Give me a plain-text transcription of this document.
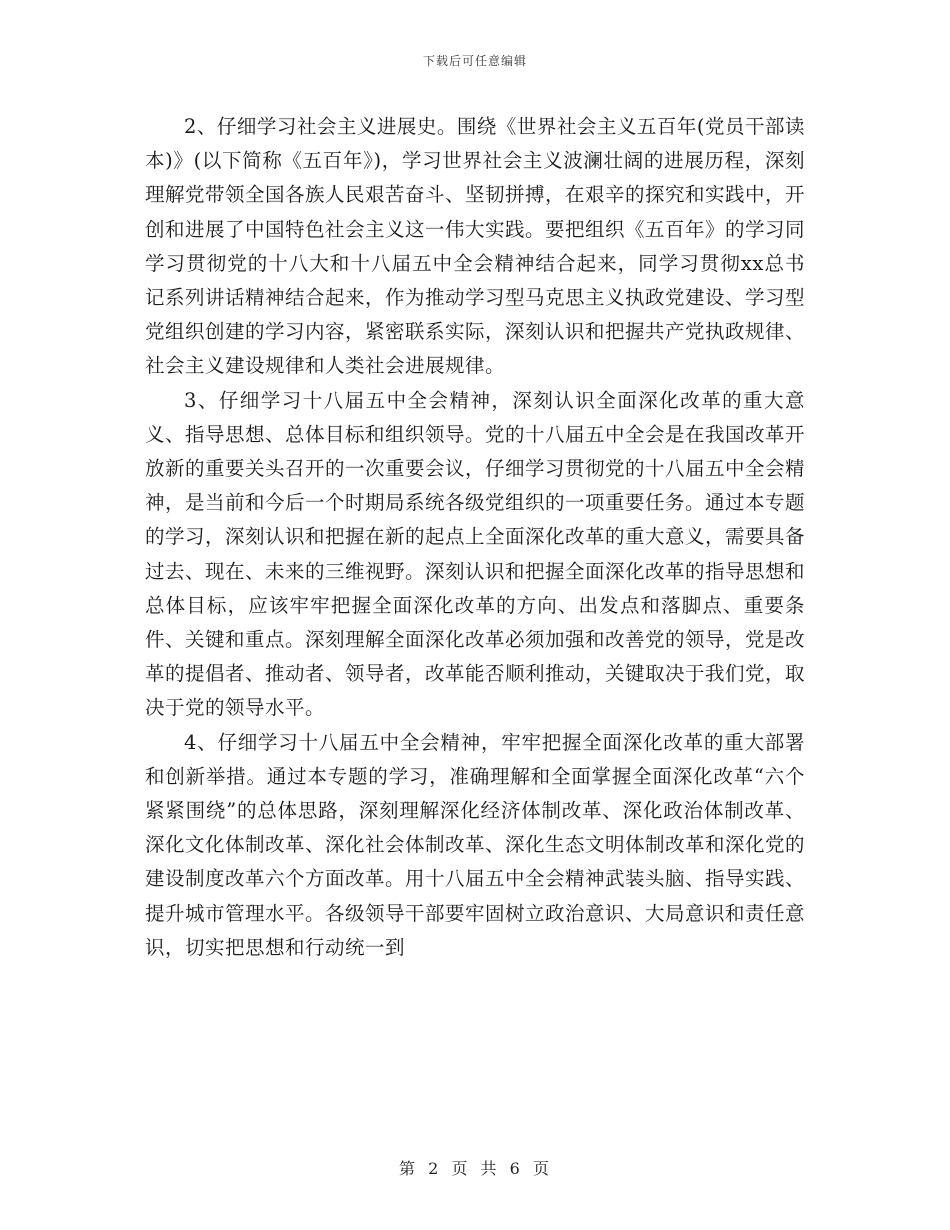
下载后可任意编辑

2、仔细学习社会主义进展史。围绕《世界社会主义五百年(党员干部读本)》(以下简称《五百年》)，学习世界社会主义波澜壮阔的进展历程，深刻理解党带领全国各族人民艰苦奋斗、坚韧拼搏，在艰辛的探究和实践中，开创和进展了中国特色社会主义这一伟大实践。要把组织《五百年》的学习同学习贯彻党的十八大和十八届五中全会精神结合起来，同学习贯彻xx总书记系列讲话精神结合起来，作为推动学习型马克思主义执政党建设、学习型党组织创建的学习内容，紧密联系实际，深刻认识和把握共产党执政规律、社会主义建设规律和人类社会进展规律。

3、仔细学习十八届五中全会精神，深刻认识全面深化改革的重大意义、指导思想、总体目标和组织领导。党的十八届五中全会是在我国改革开放新的重要关头召开的一次重要会议，仔细学习贯彻党的十八届五中全会精神，是当前和今后一个时期局系统各级党组织的一项重要任务。通过本专题的学习，深刻认识和把握在新的起点上全面深化改革的重大意义，需要具备过去、现在、未来的三维视野。深刻认识和把握全面深化改革的指导思想和总体目标，应该牢牢把握全面深化改革的方向、出发点和落脚点、重要条件、关键和重点。深刻理解全面深化改革必须加强和改善党的领导，党是改革的提倡者、推动者、领导者，改革能否顺利推动，关键取决于我们党，取决于党的领导水平。

4、仔细学习十八届五中全会精神，牢牢把握全面深化改革的重大部署和创新举措。通过本专题的学习，准确理解和全面掌握全面深化改革“六个紧紧围绕”的总体思路，深刻理解深化经济体制改革、深化政治体制改革、深化文化体制改革、深化社会体制改革、深化生态文明体制改革和深化党的建设制度改革六个方面改革。用十八届五中全会精神武装头脑、指导实践、提升城市管理水平。各级领导干部要牢固树立政治意识、大局意识和责任意识，切实把思想和行动统一到

第 2 页 共 6 页
